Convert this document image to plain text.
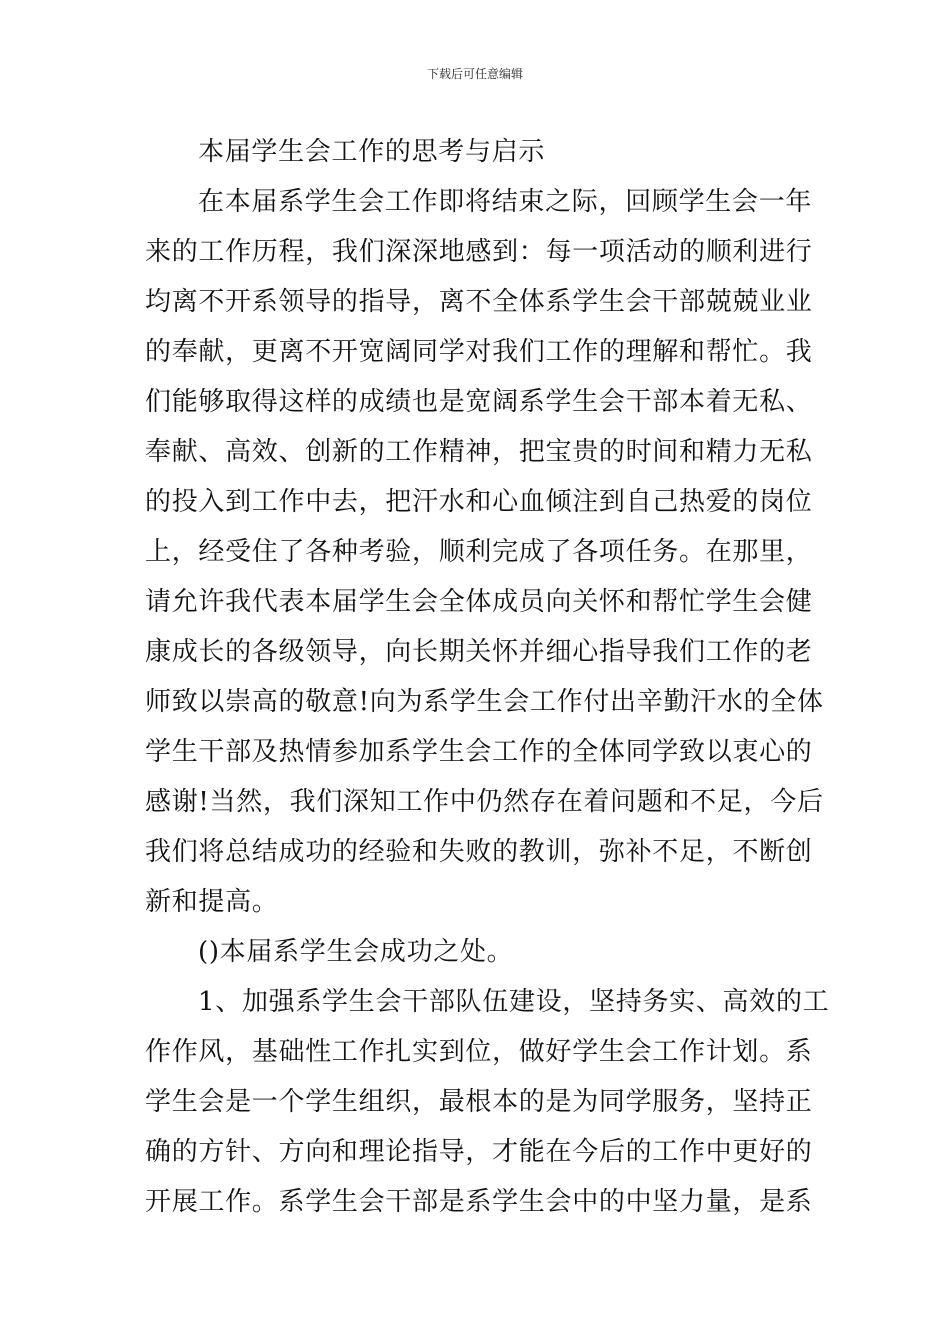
下载后可任意编辑
本届学生会工作的思考与启示
在本届系学生会工作即将结束之际，回顾学生会一年
来的工作历程，我们深深地感到：每一项活动的顺利进行
均离不开系领导的指导，离不全体系学生会干部兢兢业业
的奉献，更离不开宽阔同学对我们工作的理解和帮忙。我
们能够取得这样的成绩也是宽阔系学生会干部本着无私、
奉献、高效、创新的工作精神，把宝贵的时间和精力无私
的投入到工作中去，把汗水和心血倾注到自己热爱的岗位
上，经受住了各种考验，顺利完成了各项任务。在那里，
请允许我代表本届学生会全体成员向关怀和帮忙学生会健
康成长的各级领导，向长期关怀并细心指导我们工作的老
师致以崇高的敬意!向为系学生会工作付出辛勤汗水的全体
学生干部及热情参加系学生会工作的全体同学致以衷心的
感谢!当然，我们深知工作中仍然存在着问题和不足，今后
我们将总结成功的经验和失败的教训，弥补不足，不断创
新和提高。
()本届系学生会成功之处。
1、加强系学生会干部队伍建设，坚持务实、高效的工
作作风，基础性工作扎实到位，做好学生会工作计划。系
学生会是一个学生组织，最根本的是为同学服务，坚持正
确的方针、方向和理论指导，才能在今后的工作中更好的
开展工作。系学生会干部是系学生会中的中坚力量，是系
